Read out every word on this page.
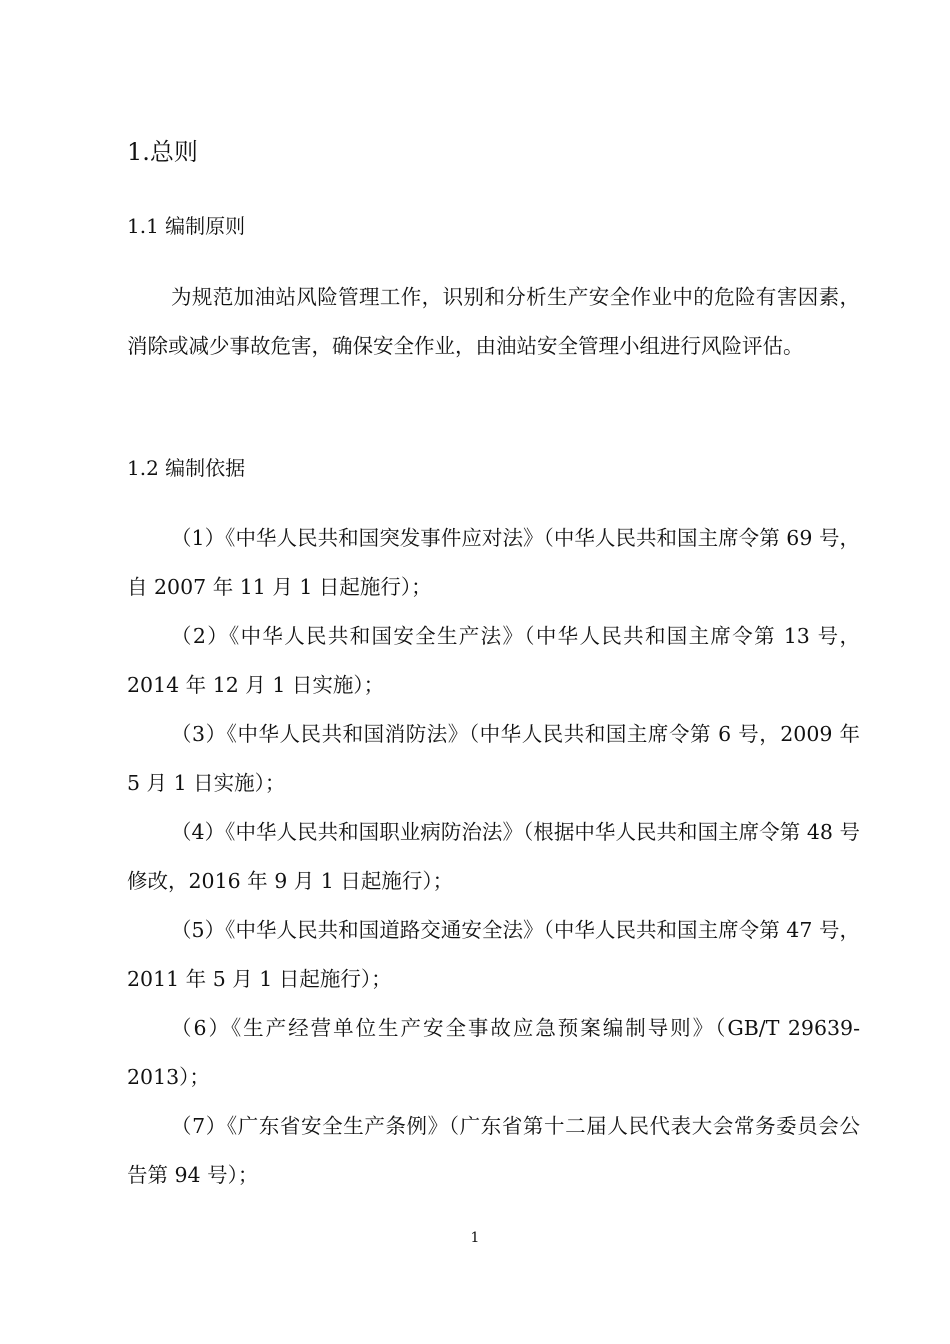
1.总则
1.1 编制原则
为规范加油站风险管理工作，识别和分析生产安全作业中的危险有害因素，消除或减少事故危害，确保安全作业，由油站安全管理小组进行风险评估。
1.2 编制依据
（1）《中华人民共和国突发事件应对法》（中华人民共和国主席令第 69 号，自 2007 年 11 月 1 日起施行）；
（2）《中华人民共和国安全生产法》（中华人民共和国主席令第 13 号，2014 年 12 月 1 日实施）；
（3）《中华人民共和国消防法》（中华人民共和国主席令第 6 号，2009 年 5 月 1 日实施）；
（4）《中华人民共和国职业病防治法》（根据中华人民共和国主席令第 48 号修改，2016 年 9 月 1 日起施行）；
（5）《中华人民共和国道路交通安全法》（中华人民共和国主席令第 47 号，2011 年 5 月 1 日起施行）；
（6）《生产经营单位生产安全事故应急预案编制导则》（GB/T 29639-2013）；
（7）《广东省安全生产条例》（广东省第十二届人民代表大会常务委员会公告第 94 号）；
1
